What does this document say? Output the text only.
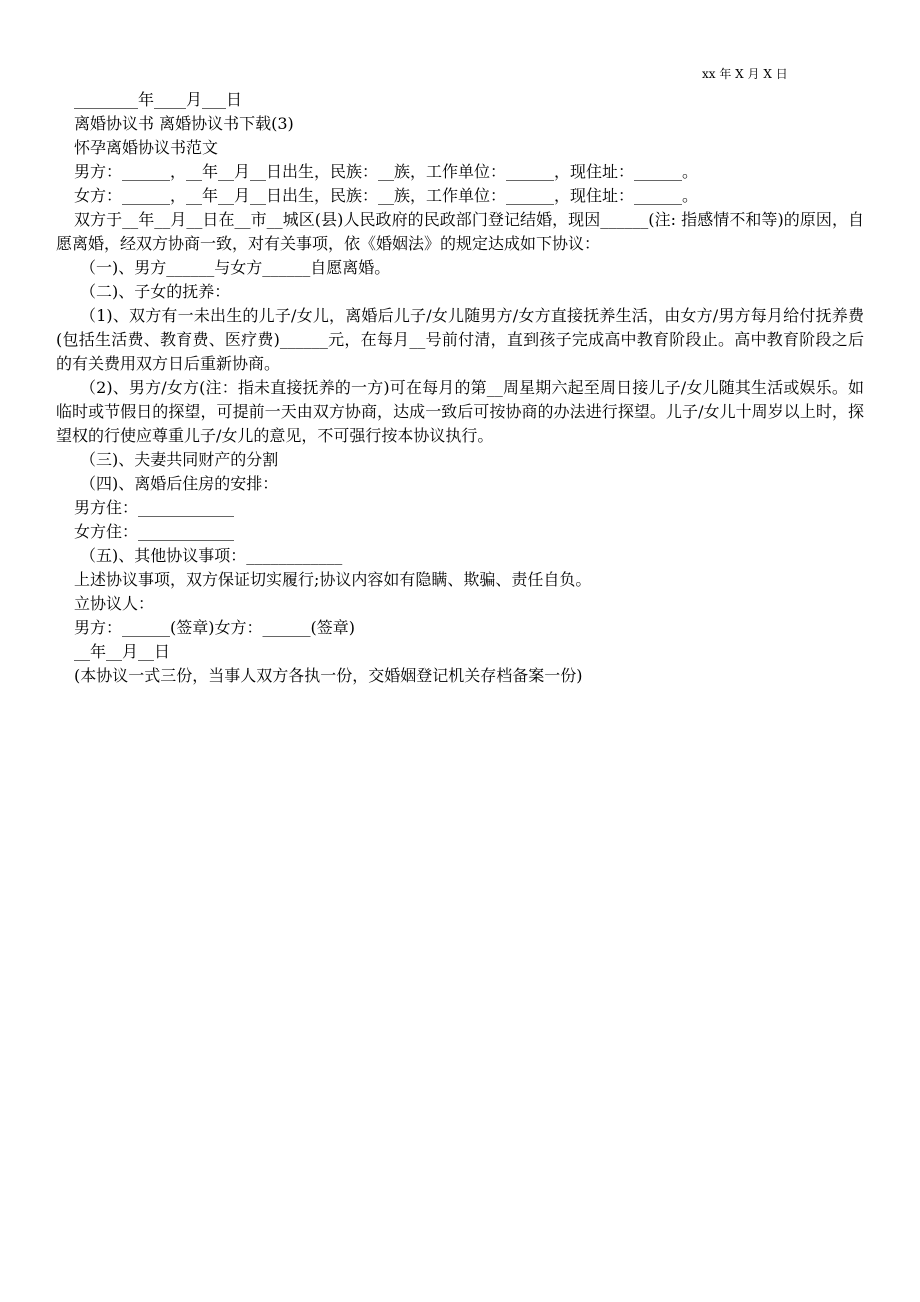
xx 年 X 月 X 日
________年____月___日
离婚协议书 离婚协议书下载(3)
怀孕离婚协议书范文
男方：______，__年__月__日出生，民族：__族，工作单位：______，现住址：______。
女方：______，__年__月__日出生，民族：__族，工作单位：______，现住址：______。
双方于__年__月__日在__市__城区(县)人民政府的民政部门登记结婚，现因______(注: 指感情不和等)的原因，自愿离婚，经双方协商一致，对有关事项，依《婚姻法》的规定达成如下协议：
（一)、男方______与女方______自愿离婚。
（二)、子女的抚养：
（1)、双方有一未出生的儿子/女儿，离婚后儿子/女儿随男方/女方直接抚养生活，由女方/男方每月给付抚养费(包括生活费、教育费、医疗费)______元，在每月__号前付清，直到孩子完成高中教育阶段止。高中教育阶段之后的有关费用双方日后重新协商。
（2)、男方/女方(注：指未直接抚养的一方)可在每月的第__周星期六起至周日接儿子/女儿随其生活或娱乐。如临时或节假日的探望，可提前一天由双方协商，达成一致后可按协商的办法进行探望。儿子/女儿十周岁以上时，探望权的行使应尊重儿子/女儿的意见，不可强行按本协议执行。
（三)、夫妻共同财产的分割
（四)、离婚后住房的安排：
男方住：____________
女方住：____________
（五)、其他协议事项：____________
上述协议事项，双方保证切实履行;协议内容如有隐瞒、欺骗、责任自负。
立协议人：
男方：______(签章)女方：______(签章)
__年__月__日
(本协议一式三份，当事人双方各执一份，交婚姻登记机关存档备案一份)
